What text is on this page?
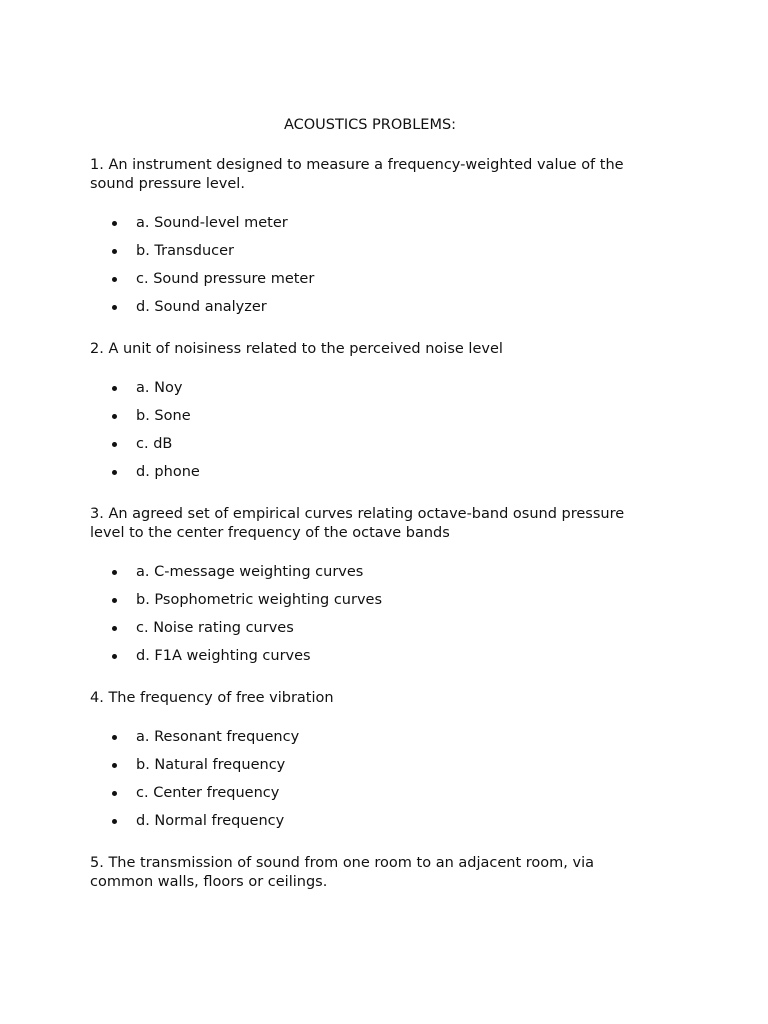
ACOUSTICS PROBLEMS:

1. An instrument designed to measure a frequency-weighted value of the sound pressure level.

a. Sound-level meter
b. Transducer
c. Sound pressure meter
d. Sound analyzer

2. A unit of noisiness related to the perceived noise level

a. Noy
b. Sone
c. dB
d. phone

3. An agreed set of empirical curves relating octave-band osund pressure level to the center frequency of the octave bands

a. C-message weighting curves
b. Psophometric weighting curves
c. Noise rating curves
d. F1A weighting curves

4. The frequency of free vibration

a. Resonant frequency
b. Natural frequency
c. Center frequency
d. Normal frequency

5. The transmission of sound from one room to an adjacent room, via common walls, floors or ceilings.
